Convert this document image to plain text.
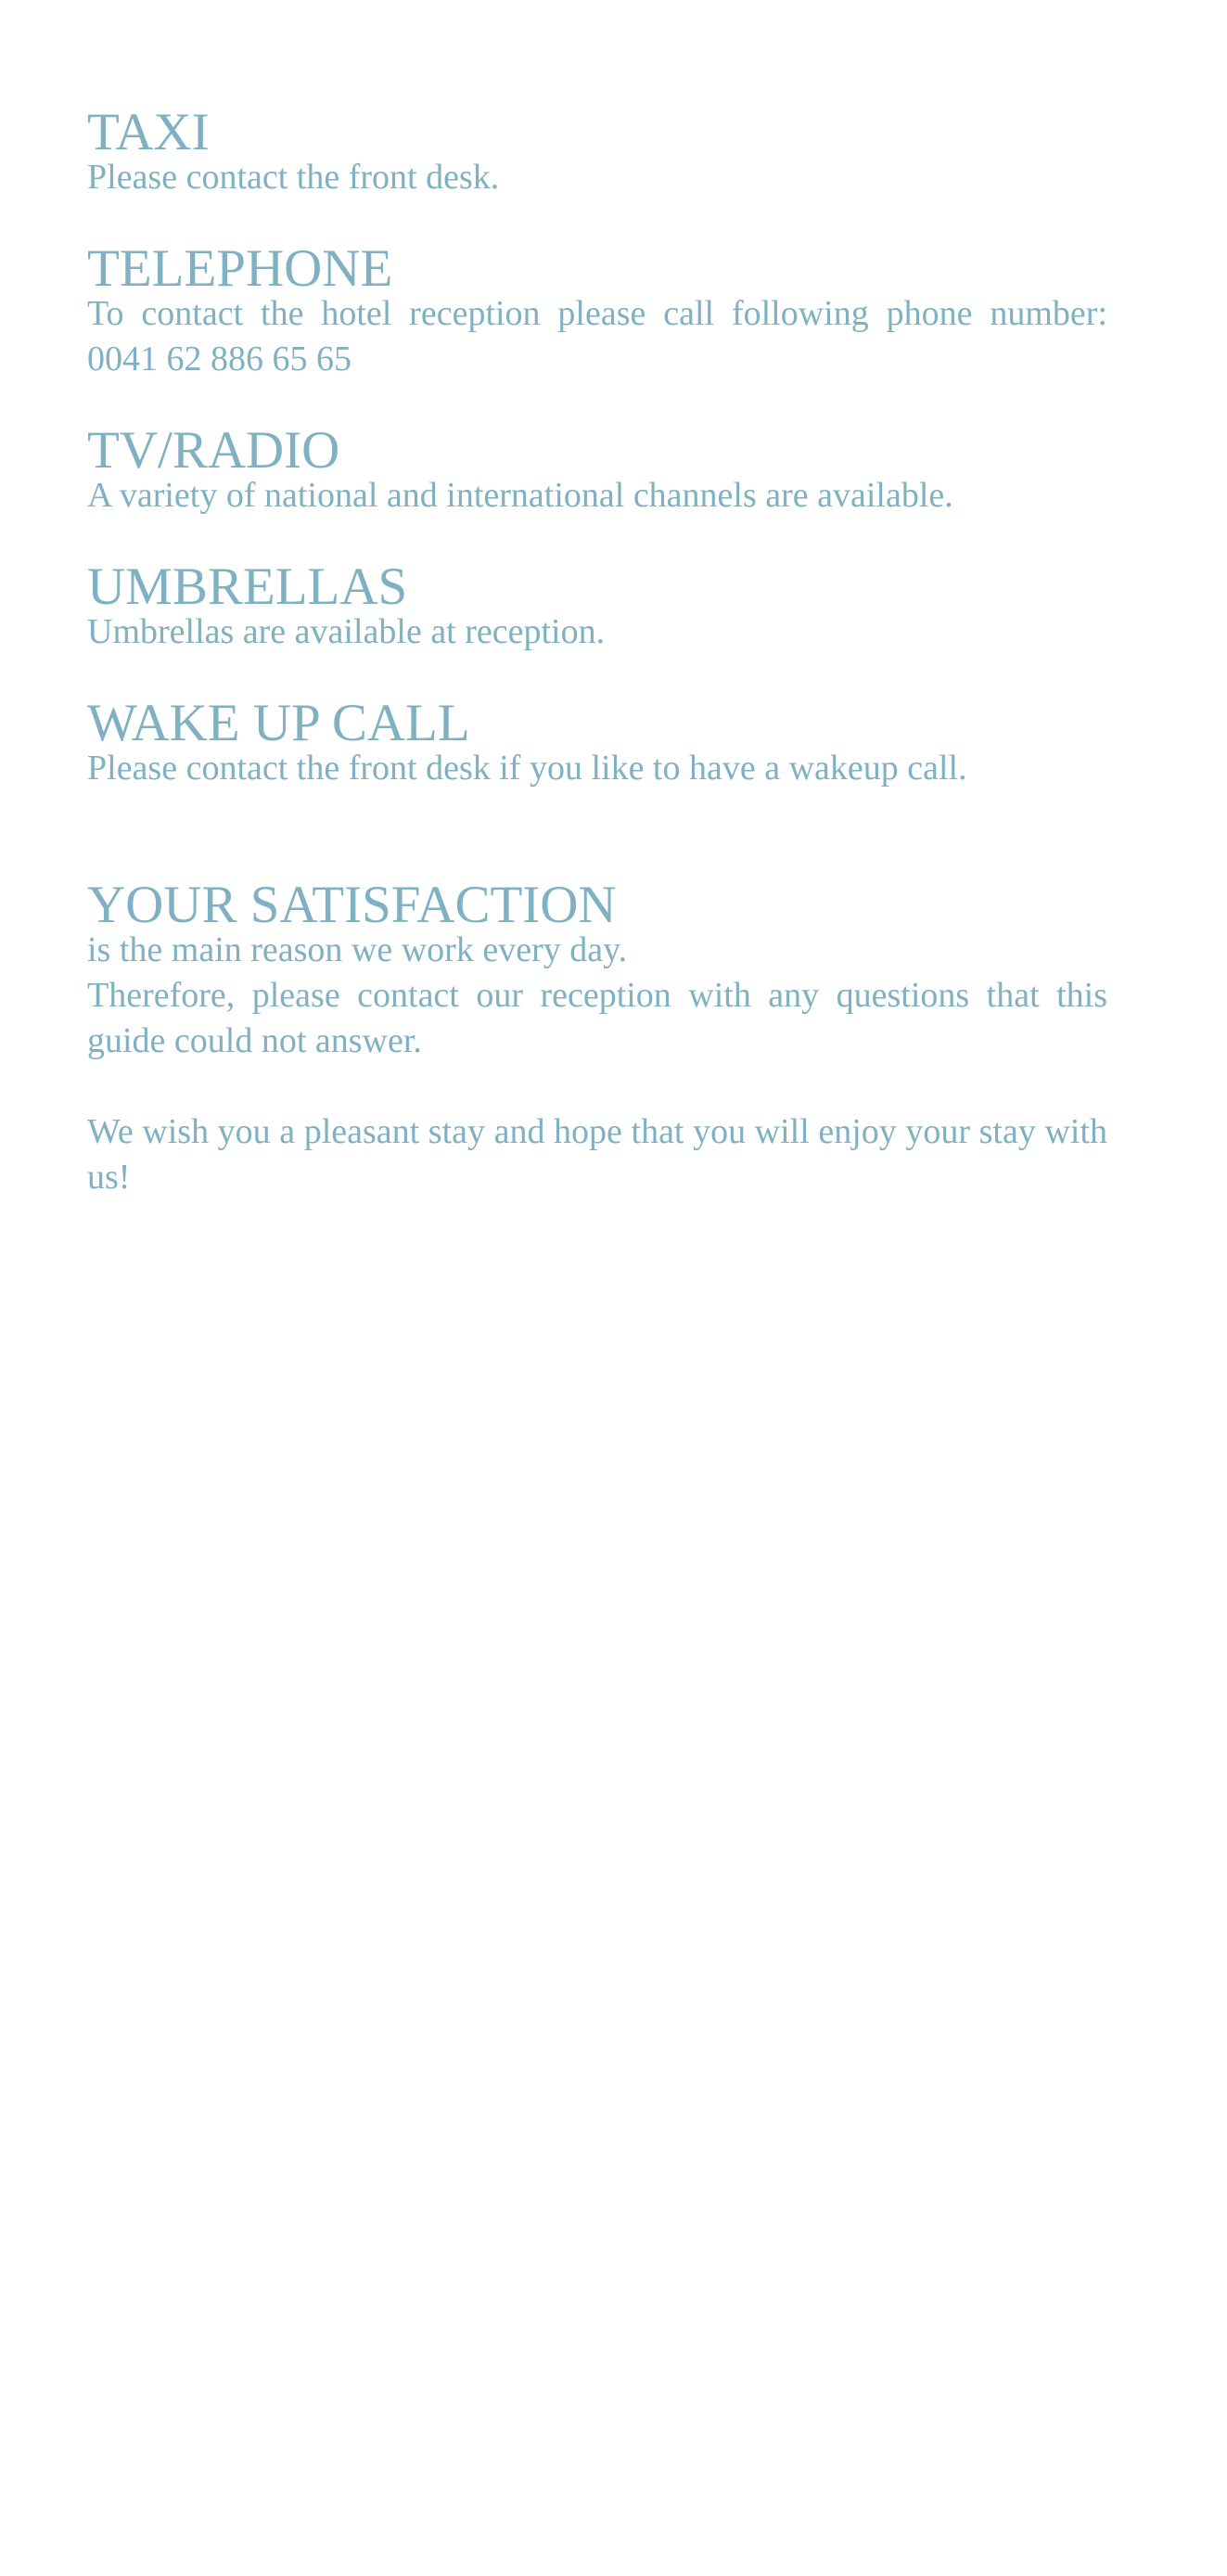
TAXI

Please contact the front desk.

TELEPHONE

To contact the hotel reception please call following phone number: 0041 62 886 65 65

TV/RADIO

A variety of national and international channels are available.

UMBRELLAS

Umbrellas are available at reception.

WAKE UP CALL

Please contact the front desk if you like to have a wakeup call.

YOUR SATISFACTION

is the main reason we work every day.

Therefore, please contact our reception with any questions that this guide could not answer.

We wish you a pleasant stay and hope that you will enjoy your stay with us!
